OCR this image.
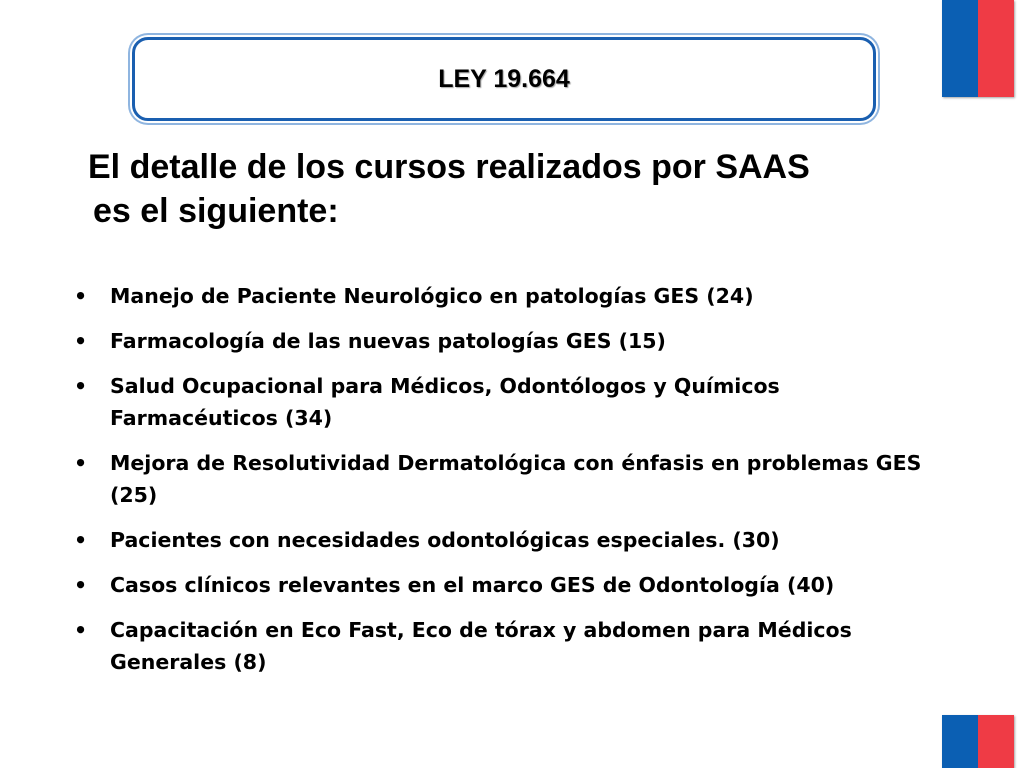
LEY 19.664
El detalle de los cursos realizados por SAAS
es el siguiente:
• Manejo de Paciente Neurológico en patologías GES (24)
• Farmacología de las nuevas patologías GES (15)
• Salud Ocupacional para Médicos, Odontólogos y Químicos Farmacéuticos (34)
• Mejora de Resolutividad Dermatológica con énfasis en problemas GES (25)
• Pacientes con necesidades odontológicas especiales. (30)
• Casos clínicos relevantes en el marco GES de Odontología (40)
• Capacitación en Eco Fast, Eco de tórax y abdomen para Médicos Generales (8)
